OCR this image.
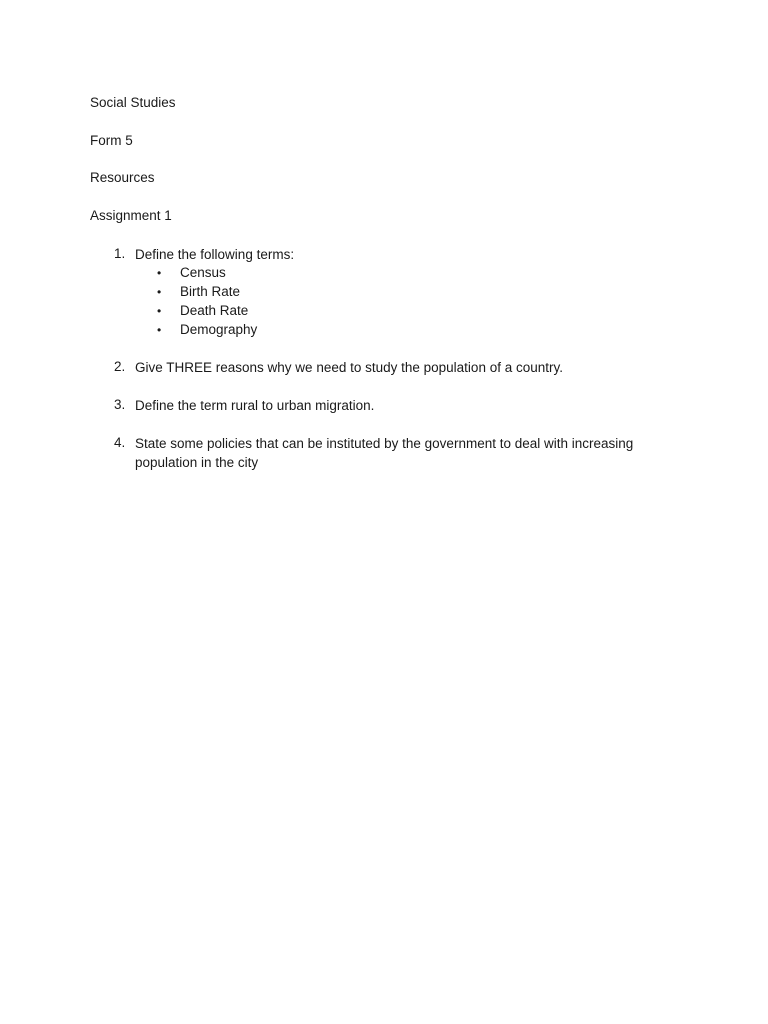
Social Studies
Form 5
Resources
Assignment 1
1. Define the following terms:
• Census
• Birth Rate
• Death Rate
• Demography
2. Give THREE reasons why we need to study the population of a country.
3. Define the term rural to urban migration.
4. State some policies that can be instituted by the government to deal with increasing population in the city
